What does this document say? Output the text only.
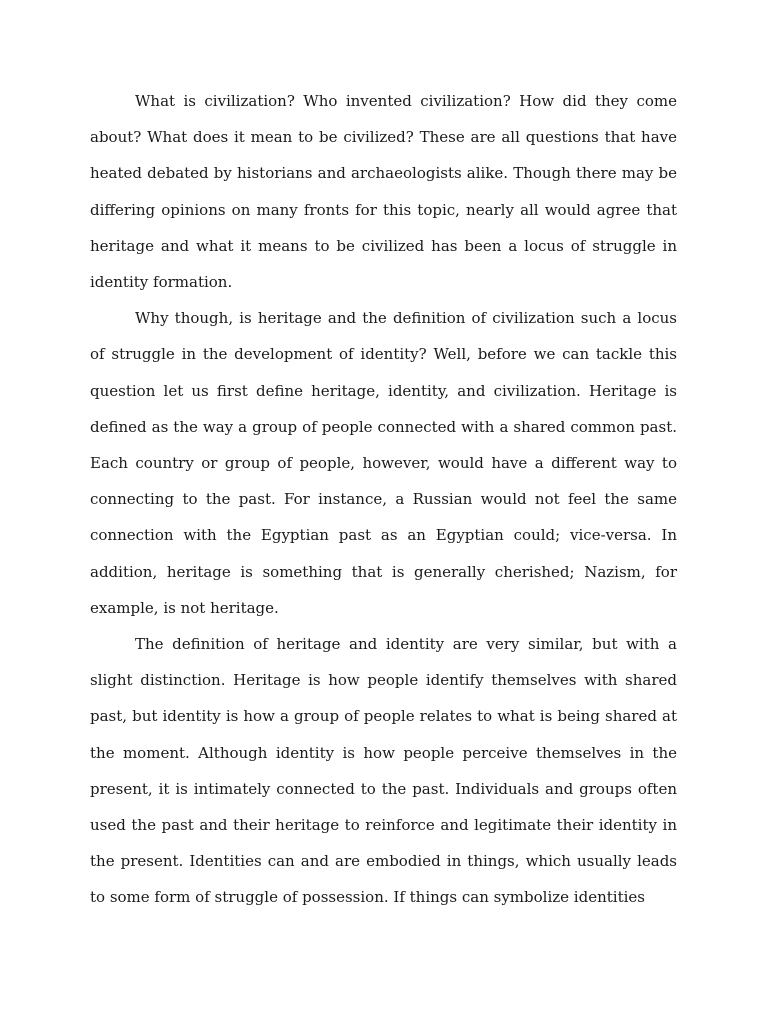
What is civilization? Who invented civilization? How did they come about? What does it mean to be civilized? These are all questions that have heated debated by historians and archaeologists alike. Though there may be differing opinions on many fronts for this topic, nearly all would agree that heritage and what it means to be civilized has been a locus of struggle in identity formation.

Why though, is heritage and the definition of civilization such a locus of struggle in the development of identity? Well, before we can tackle this question let us first define heritage, identity, and civilization. Heritage is defined as the way a group of people connected with a shared common past. Each country or group of people, however, would have a different way to connecting to the past. For instance, a Russian would not feel the same connection with the Egyptian past as an Egyptian could; vice-versa. In addition, heritage is something that is generally cherished; Nazism, for example, is not heritage.

The definition of heritage and identity are very similar, but with a slight distinction. Heritage is how people identify themselves with shared past, but identity is how a group of people relates to what is being shared at the moment. Although identity is how people perceive themselves in the present, it is intimately connected to the past. Individuals and groups often used the past and their heritage to reinforce and legitimate their identity in the present. Identities can and are embodied in things, which usually leads to some form of struggle of possession. If things can symbolize identities
